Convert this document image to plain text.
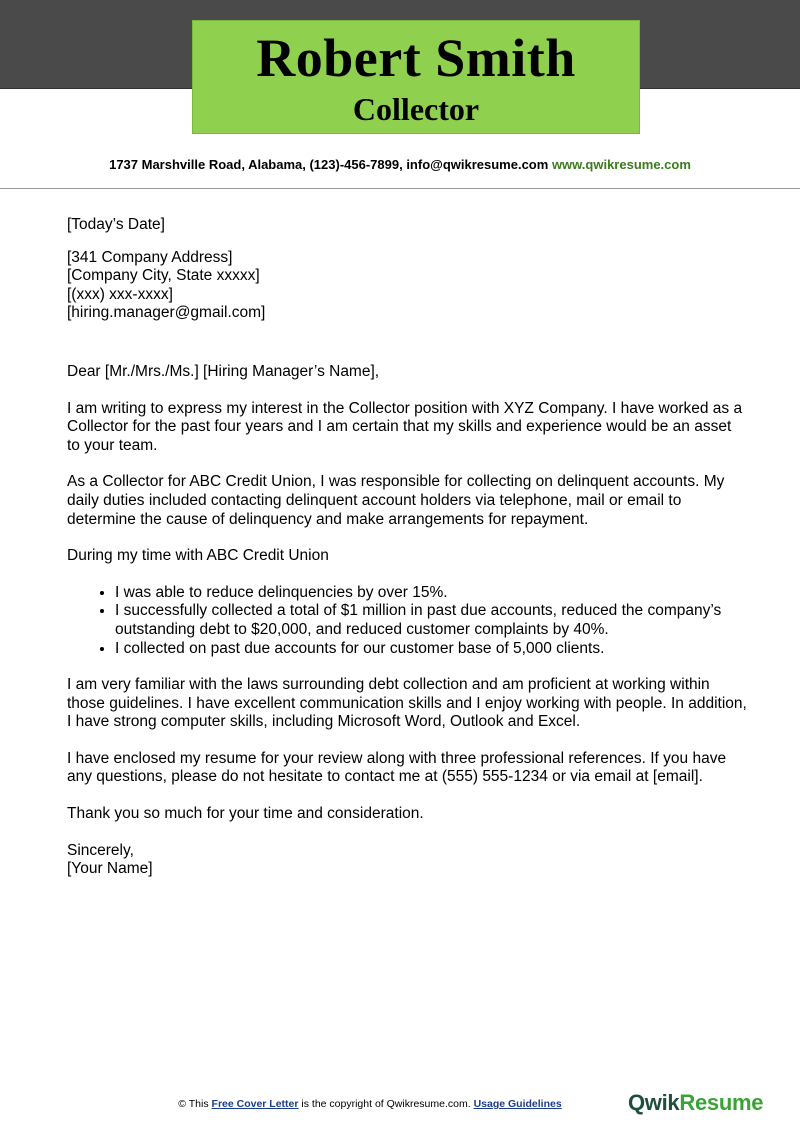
Robert Smith
Collector
1737 Marshville Road, Alabama, (123)-456-7899, info@qwikresume.com www.qwikresume.com

[Today’s Date]

[341 Company Address]

[Company City, State xxxxx]

[(xxx) xxx-xxxx]

[hiring.manager@gmail.com]

Dear [Mr./Mrs./Ms.] [Hiring Manager’s Name],

I am writing to express my interest in the Collector position with XYZ Company. I have worked as a Collector for the past four years and I am certain that my skills and experience would be an asset to your team.

As a Collector for ABC Credit Union, I was responsible for collecting on delinquent accounts. My daily duties included contacting delinquent account holders via telephone, mail or email to determine the cause of delinquency and make arrangements for repayment.

During my time with ABC Credit Union

• I was able to reduce delinquencies by over 15%.
• I successfully collected a total of $1 million in past due accounts, reduced the company’s outstanding debt to $20,000, and reduced customer complaints by 40%.
• I collected on past due accounts for our customer base of 5,000 clients.

I am very familiar with the laws surrounding debt collection and am proficient at working within those guidelines. I have excellent communication skills and I enjoy working with people. In addition, I have strong computer skills, including Microsoft Word, Outlook and Excel.

I have enclosed my resume for your review along with three professional references. If you have any questions, please do not hesitate to contact me at (555) 555-1234 or via email at [email].

Thank you so much for your time and consideration.

Sincerely,

[Your Name]

© This Free Cover Letter is the copyright of Qwikresume.com. Usage Guidelines	QwikResume
